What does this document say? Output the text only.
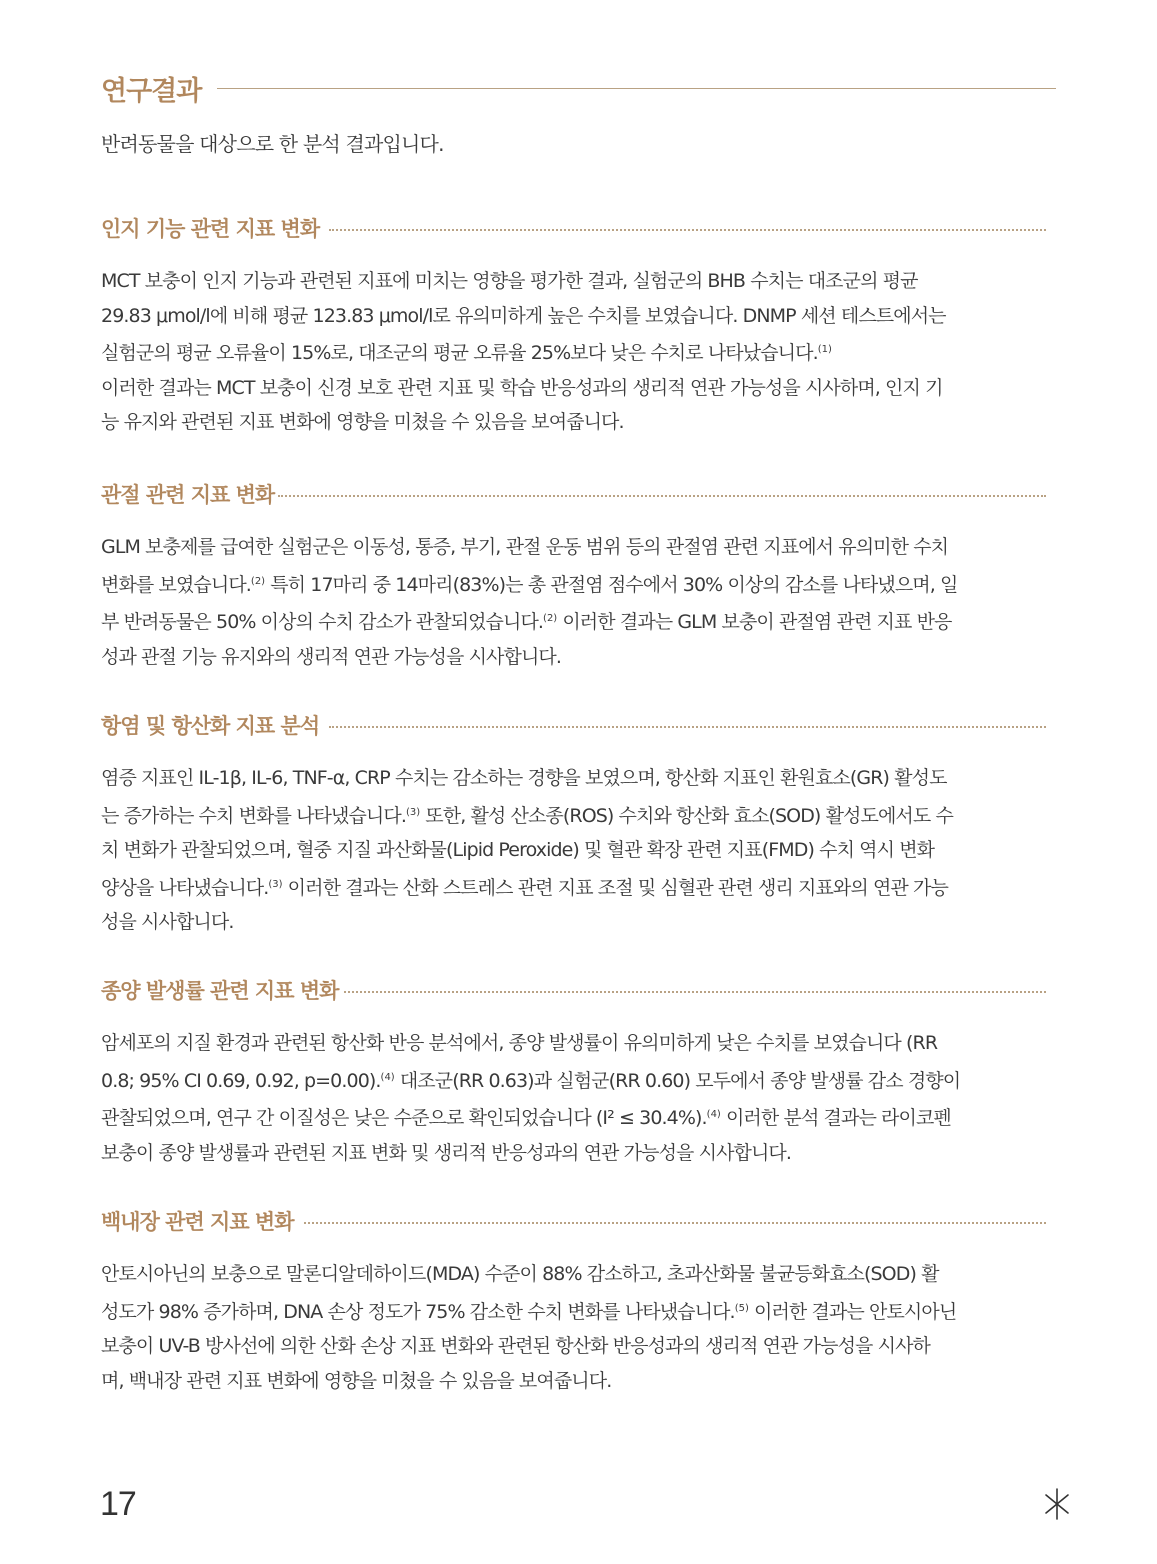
연구결과
반려동물을 대상으로 한 분석 결과입니다.
인지 기능 관련 지표 변화
MCT 보충이 인지 기능과 관련된 지표에 미치는 영향을 평가한 결과, 실험군의 BHB 수치는 대조군의 평균
29.83 μmol/l에 비해 평균 123.83 μmol/l로 유의미하게 높은 수치를 보였습니다. DNMP 세션 테스트에서는
실험군의 평균 오류율이 15%로, 대조군의 평균 오류율 25%보다 낮은 수치로 나타났습니다.$^{(1)}$
이러한 결과는 MCT 보충이 신경 보호 관련 지표 및 학습 반응성과의 생리적 연관 가능성을 시사하며, 인지 기
능 유지와 관련된 지표 변화에 영향을 미쳤을 수 있음을 보여줍니다.
관절 관련 지표 변화
GLM 보충제를 급여한 실험군은 이동성, 통증, 부기, 관절 운동 범위 등의 관절염 관련 지표에서 유의미한 수치
변화를 보였습니다.$^{(2)}$ 특히 17마리 중 14마리(83%)는 총 관절염 점수에서 30% 이상의 감소를 나타냈으며, 일
부 반려동물은 50% 이상의 수치 감소가 관찰되었습니다.$^{(2)}$ 이러한 결과는 GLM 보충이 관절염 관련 지표 반응
성과 관절 기능 유지와의 생리적 연관 가능성을 시사합니다.
항염 및 항산화 지표 분석
염증 지표인 IL-1β, IL-6, TNF-α, CRP 수치는 감소하는 경향을 보였으며, 항산화 지표인 환원효소(GR) 활성도
는 증가하는 수치 변화를 나타냈습니다.$^{(3)}$ 또한, 활성 산소종(ROS) 수치와 항산화 효소(SOD) 활성도에서도 수
치 변화가 관찰되었으며, 혈중 지질 과산화물(Lipid Peroxide) 및 혈관 확장 관련 지표(FMD) 수치 역시 변화
양상을 나타냈습니다.$^{(3)}$ 이러한 결과는 산화 스트레스 관련 지표 조절 및 심혈관 관련 생리 지표와의 연관 가능
성을 시사합니다.
종양 발생률 관련 지표 변화
암세포의 지질 환경과 관련된 항산화 반응 분석에서, 종양 발생률이 유의미하게 낮은 수치를 보였습니다 (RR
0.8; 95% CI 0.69, 0.92, p=0.00).$^{(4)}$ 대조군(RR 0.63)과 실험군(RR 0.60) 모두에서 종양 발생률 감소 경향이
관찰되었으며, 연구 간 이질성은 낮은 수준으로 확인되었습니다 (I² ≤ 30.4%).$^{(4)}$ 이러한 분석 결과는 라이코펜
보충이 종양 발생률과 관련된 지표 변화 및 생리적 반응성과의 연관 가능성을 시사합니다.
백내장 관련 지표 변화
안토시아닌의 보충으로 말론디알데하이드(MDA) 수준이 88% 감소하고, 초과산화물 불균등화효소(SOD) 활
성도가 98% 증가하며, DNA 손상 정도가 75% 감소한 수치 변화를 나타냈습니다.$^{(5)}$ 이러한 결과는 안토시아닌
보충이 UV-B 방사선에 의한 산화 손상 지표 변화와 관련된 항산화 반응성과의 생리적 연관 가능성을 시사하
며, 백내장 관련 지표 변화에 영향을 미쳤을 수 있음을 보여줍니다.
17
